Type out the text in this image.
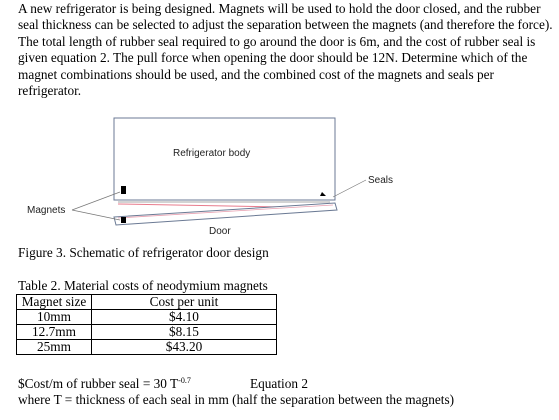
A new refrigerator is being designed. Magnets will be used to hold the door closed, and the rubber seal thickness can be selected to adjust the separation between the magnets (and therefore the force). The total length of rubber seal required to go around the door is 6m, and the cost of rubber seal is given equation 2. The pull force when opening the door should be 12N. Determine which of the magnet combinations should be used, and the combined cost of the magnets and seals per refrigerator.
Refrigerator body
Door
Magnets
Seals
Figure 3. Schematic of refrigerator door design
Table 2. Material costs of neodymium magnets
Magnet size	Cost per unit
10mm	$4.10
12.7mm	$8.15
25mm	$43.20
$Cost/m of rubber seal = 30 $T^{-0.7}$	Equation 2
where T = thickness of each seal in mm (half the separation between the magnets)
